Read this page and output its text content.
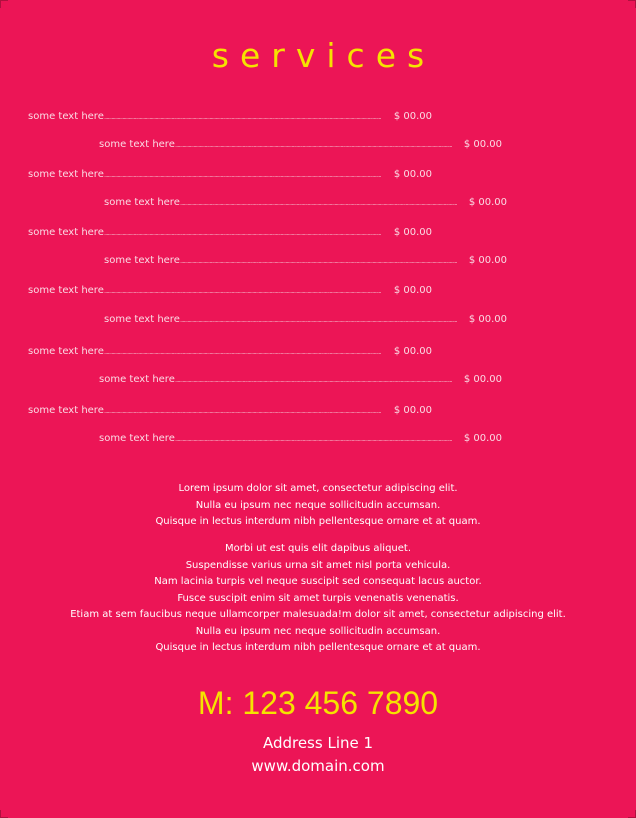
services
some text here ..................................................................................................................................................................................................................................	$ 00.00
some text here ..................................................................................................................................................................................................................................	$ 00.00
some text here ..................................................................................................................................................................................................................................	$ 00.00
some text here ..................................................................................................................................................................................................................................	$ 00.00
some text here ..................................................................................................................................................................................................................................	$ 00.00
some text here ..................................................................................................................................................................................................................................	$ 00.00
some text here ..................................................................................................................................................................................................................................	$ 00.00
some text here ..................................................................................................................................................................................................................................	$ 00.00
some text here ..................................................................................................................................................................................................................................	$ 00.00
some text here ..................................................................................................................................................................................................................................	$ 00.00
some text here ..................................................................................................................................................................................................................................	$ 00.00
some text here ..................................................................................................................................................................................................................................	$ 00.00
Lorem ipsum dolor sit amet, consectetur adipiscing elit.
Nulla eu ipsum nec neque sollicitudin accumsan.
Quisque in lectus interdum nibh pellentesque ornare et at quam.
Morbi ut est quis elit dapibus aliquet.
Suspendisse varius urna sit amet nisl porta vehicula.
Nam lacinia turpis vel neque suscipit sed consequat lacus auctor.
Fusce suscipit enim sit amet turpis venenatis venenatis.
Etiam at sem faucibus neque ullamcorper malesuada!m dolor sit amet, consectetur adipiscing elit.
Nulla eu ipsum nec neque sollicitudin accumsan.
Quisque in lectus interdum nibh pellentesque ornare et at quam.
M: 123 456 7890
Address Line 1
www.domain.com
